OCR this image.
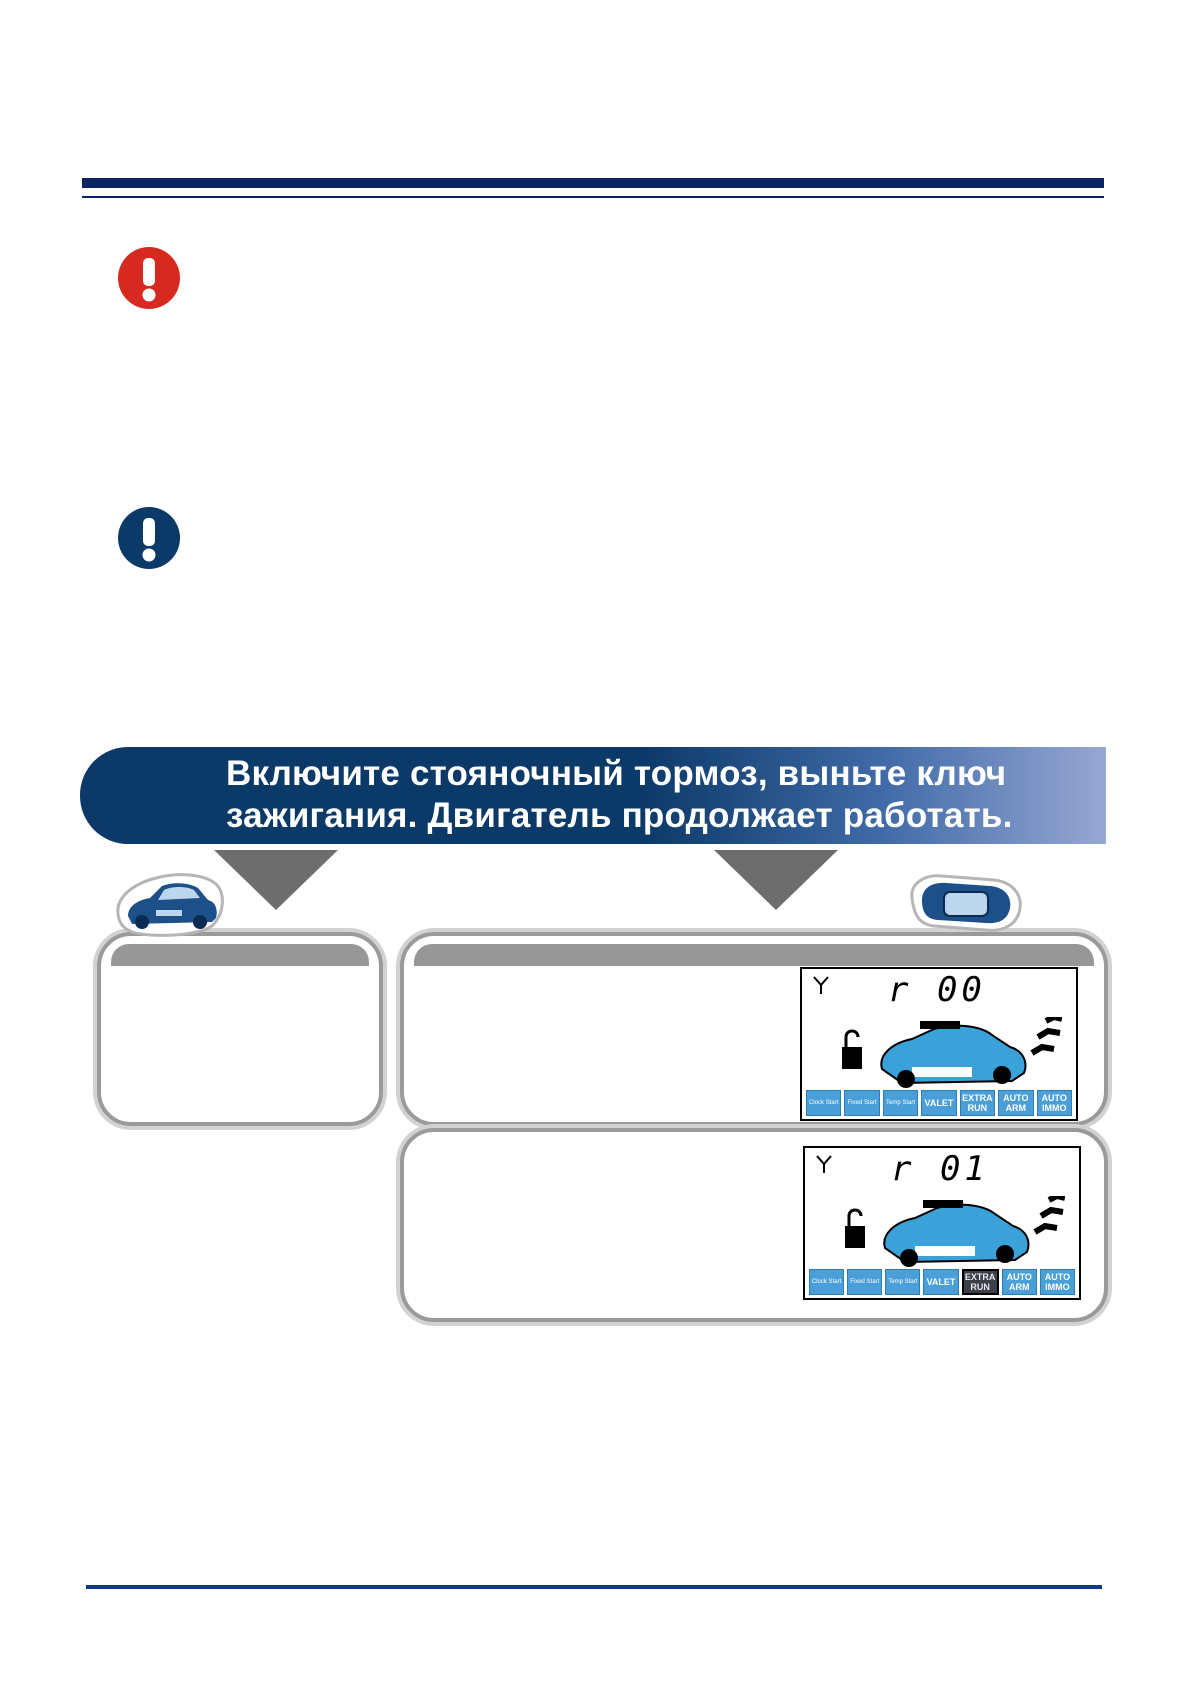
Включите стояночный тормоз, выньте ключ
зажигания. Двигатель продолжает работать.
r 00
Clock Start Fixed Start Temp Start	VALET EXTRA RUN
AUTO ARM
AUTO IMMO
r 01
Clock Start Fixed Start Temp Start	VALET	EXTRA RUN
AUTO ARM
AUTO IMMO
